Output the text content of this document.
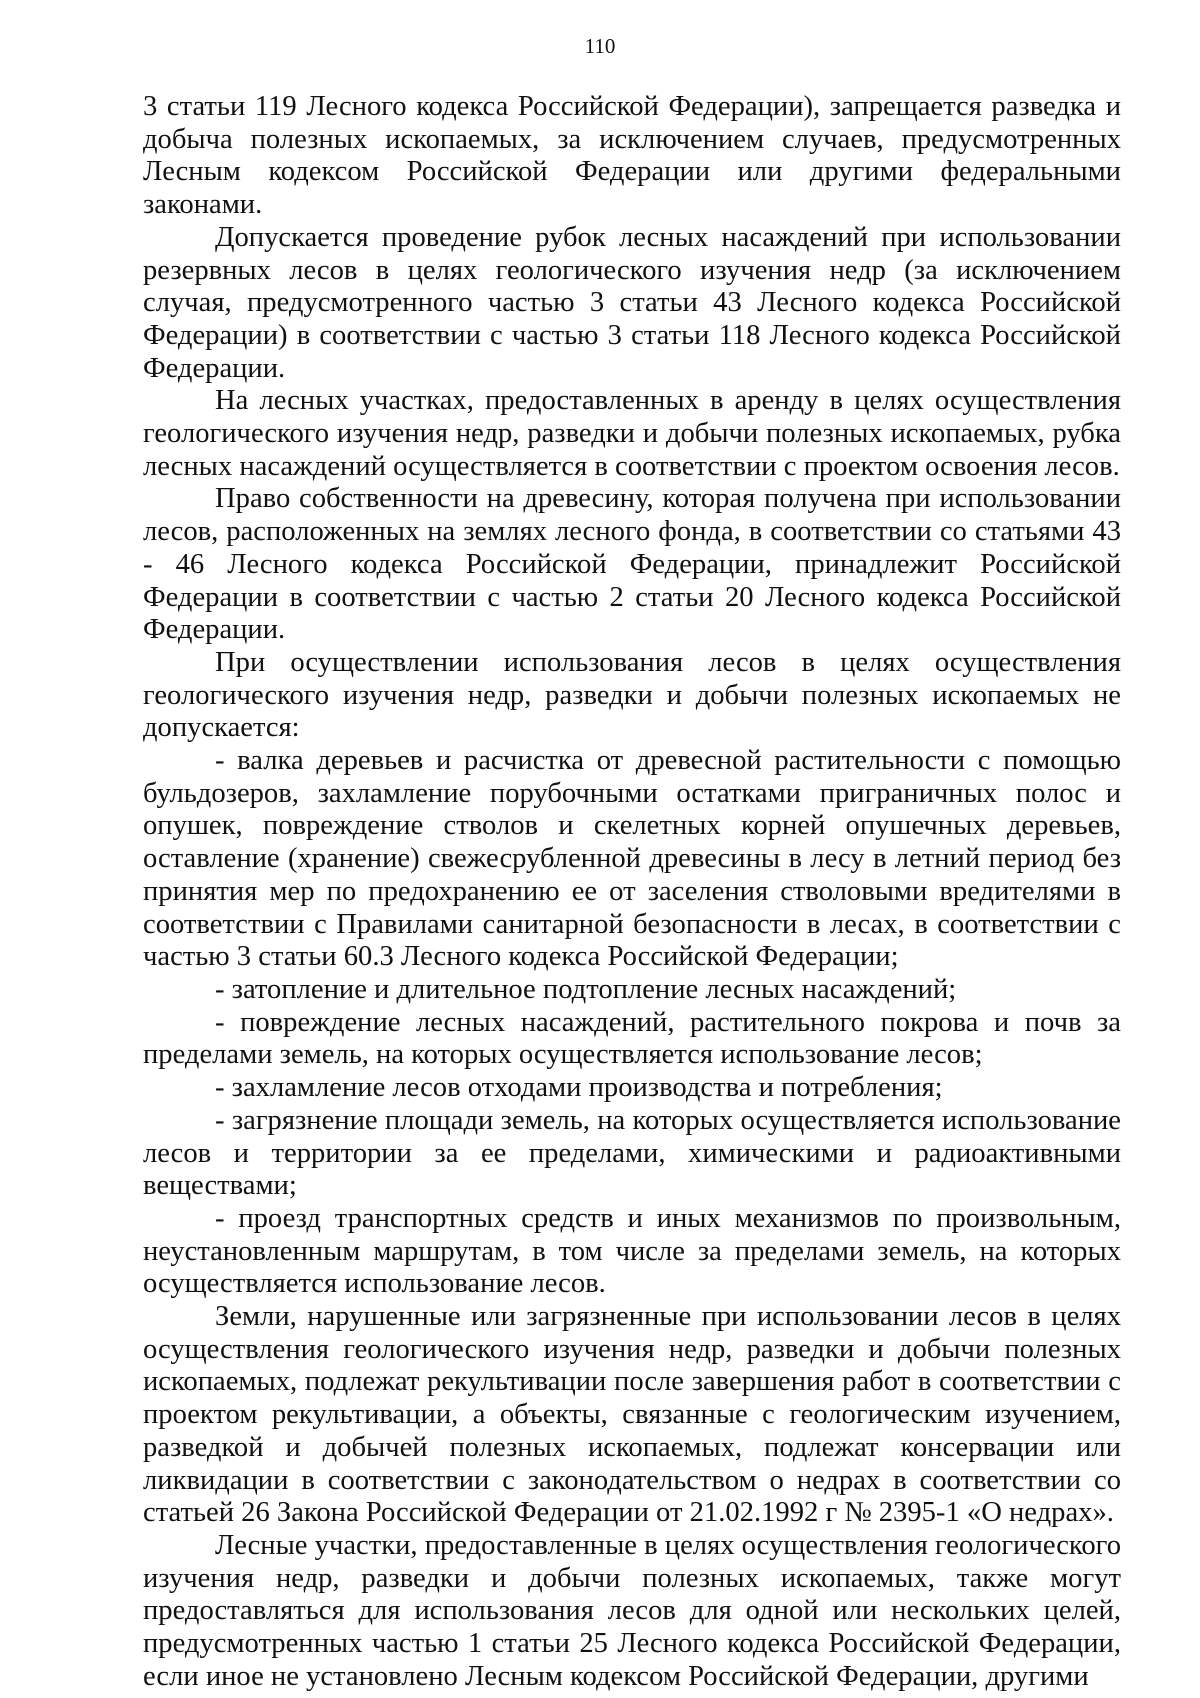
110

3 статьи 119 Лесного кодекса Российской Федерации), запрещается разведка и добыча полезных ископаемых, за исключением случаев, предусмотренных Лесным кодексом Российской Федерации или другими федеральными законами.

Допускается проведение рубок лесных насаждений при использовании резервных лесов в целях геологического изучения недр (за исключением случая, предусмотренного частью 3 статьи 43 Лесного кодекса Российской Федерации) в соответствии с частью 3 статьи 118 Лесного кодекса Российской Федерации.

На лесных участках, предоставленных в аренду в целях осуществления геологического изучения недр, разведки и добычи полезных ископаемых, рубка лесных насаждений осуществляется в соответствии с проектом освоения лесов.

Право собственности на древесину, которая получена при использовании лесов, расположенных на землях лесного фонда, в соответствии со статьями 43 - 46 Лесного кодекса Российской Федерации, принадлежит Российской Федерации в соответствии с частью 2 статьи 20 Лесного кодекса Российской Федерации.

При осуществлении использования лесов в целях осуществления геологического изучения недр, разведки и добычи полезных ископаемых не допускается:

- валка деревьев и расчистка от древесной растительности с помощью бульдозеров, захламление порубочными остатками приграничных полос и опушек, повреждение стволов и скелетных корней опушечных деревьев, оставление (хранение) свежесрубленной древесины в лесу в летний период без принятия мер по предохранению ее от заселения стволовыми вредителями в соответствии с Правилами санитарной безопасности в лесах, в соответствии с частью 3 статьи 60.3 Лесного кодекса Российской Федерации;

- затопление и длительное подтопление лесных насаждений;

- повреждение лесных насаждений, растительного покрова и почв за пределами земель, на которых осуществляется использование лесов;

- захламление лесов отходами производства и потребления;

- загрязнение площади земель, на которых осуществляется использование лесов и территории за ее пределами, химическими и радиоактивными веществами;

- проезд транспортных средств и иных механизмов по произвольным, неустановленным маршрутам, в том числе за пределами земель, на которых осуществляется использование лесов.

Земли, нарушенные или загрязненные при использовании лесов в целях осуществления геологического изучения недр, разведки и добычи полезных ископаемых, подлежат рекультивации после завершения работ в соответствии с проектом рекультивации, а объекты, связанные с геологическим изучением, разведкой и добычей полезных ископаемых, подлежат консервации или ликвидации в соответствии с законодательством о недрах в соответствии со статьей 26 Закона Российской Федерации от 21.02.1992 г № 2395-1 «О недрах».

Лесные участки, предоставленные в целях осуществления геологического изучения недр, разведки и добычи полезных ископаемых, также могут предоставляться для использования лесов для одной или нескольких целей, предусмотренных частью 1 статьи 25 Лесного кодекса Российской Федерации, если иное не установлено Лесным кодексом Российской Федерации, другими
